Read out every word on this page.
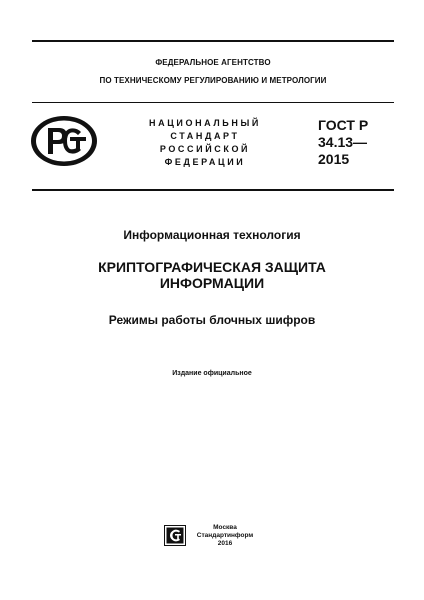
ФЕДЕРАЛЬНОЕ АГЕНТСТВО
ПО ТЕХНИЧЕСКОМУ РЕГУЛИРОВАНИЮ И МЕТРОЛОГИИ
НАЦИОНАЛЬНЫЙ
СТАНДАРТ
РОССИЙСКОЙ
ФЕДЕРАЦИИ
ГОСТ Р
34.13—
2015
Информационная технология
КРИПТОГРАФИЧЕСКАЯ ЗАЩИТА
ИНФОРМАЦИИ
Режимы работы блочных шифров
Издание официальное
Москва
Стандартинформ
2016
